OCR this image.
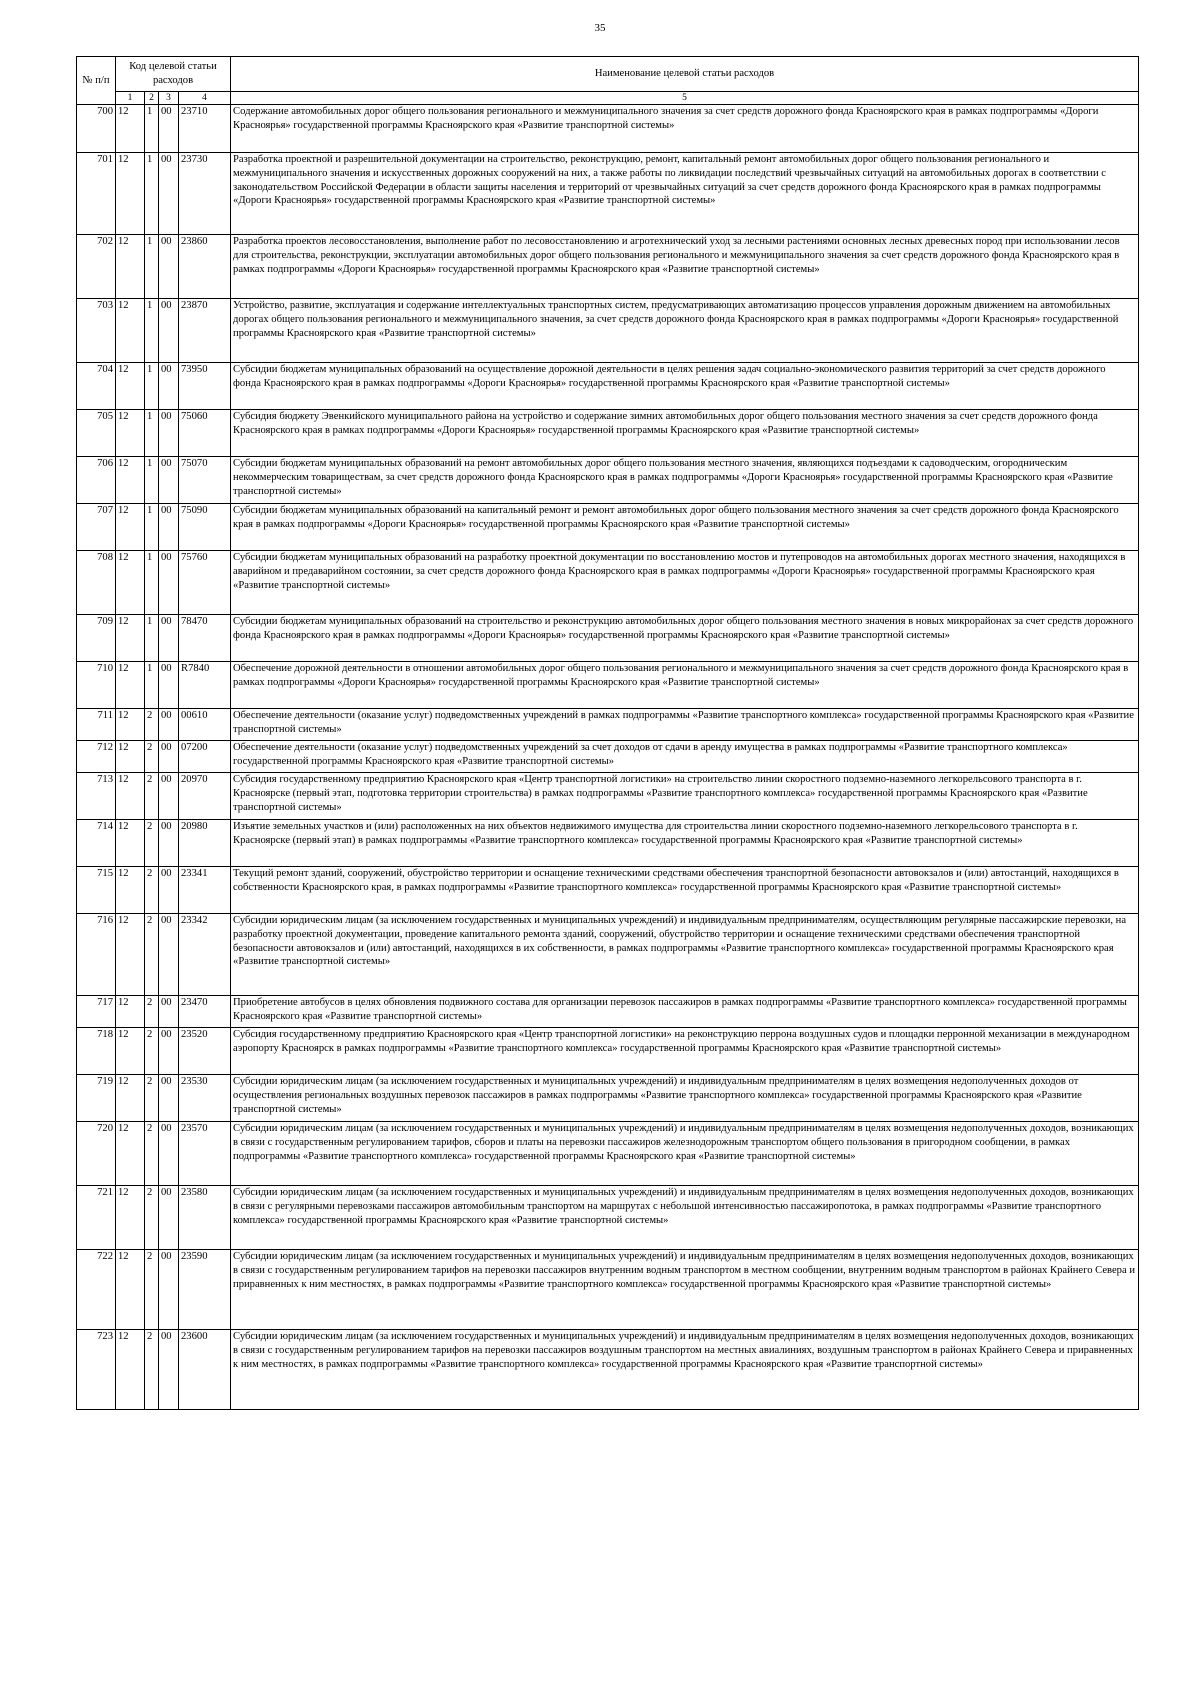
35
№ п/п	Код целевой статьи расходов				Наименование целевой статьи расходов
	1	2	3	4	5
700	12	1	00	23710	Содержание автомобильных дорог общего пользования регионального и межмуниципального значения за счет средств дорожного фонда Красноярского края в рамках подпрограммы «Дороги Красноярья» государственной программы Красноярского края «Развитие транспортной системы»
701	12	1	00	23730	Разработка проектной и разрешительной документации на строительство, реконструкцию, ремонт, капитальный ремонт автомобильных дорог общего пользования регионального и межмуниципального значения и искусственных дорожных сооружений на них, а также работы по ликвидации последствий чрезвычайных ситуаций на автомобильных дорогах в соответствии с законодательством Российской Федерации в области защиты населения и территорий от чрезвычайных ситуаций за счет средств дорожного фонда Красноярского края в рамках подпрограммы «Дороги Красноярья» государственной программы Красноярского края «Развитие транспортной системы»
702	12	1	00	23860	Разработка проектов лесовосстановления, выполнение работ по лесовосстановлению и агротехнический уход за лесными растениями основных лесных древесных пород при использовании лесов для строительства, реконструкции, эксплуатации автомобильных дорог общего пользования регионального и межмуниципального значения за счет средств дорожного фонда Красноярского края в рамках подпрограммы «Дороги Красноярья» государственной программы Красноярского края «Развитие транспортной системы»
703	12	1	00	23870	Устройство, развитие, эксплуатация и содержание интеллектуальных транспортных систем, предусматривающих автоматизацию процессов управления дорожным движением на автомобильных дорогах общего пользования регионального и межмуниципального значения, за счет средств дорожного фонда Красноярского края в рамках подпрограммы «Дороги Красноярья» государственной программы Красноярского края «Развитие транспортной системы»
704	12	1	00	73950	Субсидии бюджетам муниципальных образований на осуществление дорожной деятельности в целях решения задач социально-экономического развития территорий за счет средств дорожного фонда Красноярского края в рамках подпрограммы «Дороги Красноярья» государственной программы Красноярского края «Развитие транспортной системы»
705	12	1	00	75060	Субсидия бюджету Эвенкийского муниципального района на устройство и содержание зимних автомобильных дорог общего пользования местного значения за счет средств дорожного фонда Красноярского края в рамках подпрограммы «Дороги Красноярья» государственной программы Красноярского края «Развитие транспортной системы»
706	12	1	00	75070	Субсидии бюджетам муниципальных образований на ремонт автомобильных дорог общего пользования местного значения, являющихся подъездами к садоводческим, огородническим некоммерческим товариществам, за счет средств дорожного фонда Красноярского края в рамках подпрограммы «Дороги Красноярья» государственной программы Красноярского края «Развитие транспортной системы»
707	12	1	00	75090	Субсидии бюджетам муниципальных образований на капитальный ремонт и ремонт автомобильных дорог общего пользования местного значения за счет средств дорожного фонда Красноярского края в рамках подпрограммы «Дороги Красноярья» государственной программы Красноярского края «Развитие транспортной системы»
708	12	1	00	75760	Субсидии бюджетам муниципальных образований на разработку проектной документации по восстановлению мостов и путепроводов на автомобильных дорогах местного значения, находящихся в аварийном и предаварийном состоянии, за счет средств дорожного фонда Красноярского края в рамках подпрограммы «Дороги Красноярья» государственной программы Красноярского края «Развитие транспортной системы»
709	12	1	00	78470	Субсидии бюджетам муниципальных образований на строительство и реконструкцию автомобильных дорог общего пользования местного значения в новых микрорайонах за счет средств дорожного фонда Красноярского края в рамках подпрограммы «Дороги Красноярья» государственной программы Красноярского края «Развитие транспортной системы»
710	12	1	00	R7840	Обеспечение дорожной деятельности в отношении автомобильных дорог общего пользования регионального и межмуниципального значения за счет средств дорожного фонда Красноярского края в рамках подпрограммы «Дороги Красноярья» государственной программы Красноярского края «Развитие транспортной системы»
711	12	2	00	00610	Обеспечение деятельности (оказание услуг) подведомственных учреждений в рамках подпрограммы «Развитие транспортного комплекса» государственной программы Красноярского края «Развитие транспортной системы»
712	12	2	00	07200	Обеспечение деятельности (оказание услуг) подведомственных учреждений за счет доходов от сдачи в аренду имущества в рамках подпрограммы «Развитие транспортного комплекса» государственной программы Красноярского края «Развитие транспортной системы»
713	12	2	00	20970	Субсидия государственному предприятию Красноярского края «Центр транспортной логистики» на строительство линии скоростного подземно-наземного легкорельсового транспорта в г. Красноярске (первый этап, подготовка территории строительства) в рамках подпрограммы «Развитие транспортного комплекса» государственной программы Красноярского края «Развитие транспортной системы»
714	12	2	00	20980	Изъятие земельных участков и (или) расположенных на них объектов недвижимого имущества для строительства линии скоростного подземно-наземного легкорельсового транспорта в г. Красноярске (первый этап) в рамках подпрограммы «Развитие транспортного комплекса» государственной программы Красноярского края «Развитие транспортной системы»
715	12	2	00	23341	Текущий ремонт зданий, сооружений, обустройство территории и оснащение техническими средствами обеспечения транспортной безопасности автовокзалов и (или) автостанций, находящихся в собственности Красноярского края, в рамках подпрограммы «Развитие транспортного комплекса» государственной программы Красноярского края «Развитие транспортной системы»
716	12	2	00	23342	Субсидии юридическим лицам (за исключением государственных и муниципальных учреждений) и индивидуальным предпринимателям, осуществляющим регулярные пассажирские перевозки, на разработку проектной документации, проведение капитального ремонта зданий, сооружений, обустройство территории и оснащение техническими средствами обеспечения транспортной безопасности автовокзалов и (или) автостанций, находящихся в их собственности, в рамках подпрограммы «Развитие транспортного комплекса» государственной программы Красноярского края «Развитие транспортной системы»
717	12	2	00	23470	Приобретение автобусов в целях обновления подвижного состава для организации перевозок пассажиров в рамках подпрограммы «Развитие транспортного комплекса» государственной программы Красноярского края «Развитие транспортной системы»
718	12	2	00	23520	Субсидия государственному предприятию Красноярского края «Центр транспортной логистики» на реконструкцию перрона воздушных судов и площадки перронной механизации в международном аэропорту Красноярск в рамках подпрограммы «Развитие транспортного комплекса» государственной программы Красноярского края «Развитие транспортной системы»
719	12	2	00	23530	Субсидии юридическим лицам (за исключением государственных и муниципальных учреждений) и индивидуальным предпринимателям в целях возмещения недополученных доходов от осуществления региональных воздушных перевозок пассажиров в рамках подпрограммы «Развитие транспортного комплекса» государственной программы Красноярского края «Развитие транспортной системы»
720	12	2	00	23570	Субсидии юридическим лицам (за исключением государственных и муниципальных учреждений) и индивидуальным предпринимателям в целях возмещения недополученных доходов, возникающих в связи с государственным регулированием тарифов, сборов и платы на перевозки пассажиров железнодорожным транспортом общего пользования в пригородном сообщении, в рамках подпрограммы «Развитие транспортного комплекса» государственной программы Красноярского края «Развитие транспортной системы»
721	12	2	00	23580	Субсидии юридическим лицам (за исключением государственных и муниципальных учреждений) и индивидуальным предпринимателям в целях возмещения недополученных доходов, возникающих в связи с регулярными перевозками пассажиров автомобильным транспортом на маршрутах с небольшой интенсивностью пассажиропотока, в рамках подпрограммы «Развитие транспортного комплекса» государственной программы Красноярского края «Развитие транспортной системы»
722	12	2	00	23590	Субсидии юридическим лицам (за исключением государственных и муниципальных учреждений) и индивидуальным предпринимателям в целях возмещения недополученных доходов, возникающих в связи с государственным регулированием тарифов на перевозки пассажиров внутренним водным транспортом в местном сообщении, внутренним водным транспортом в районах Крайнего Севера и приравненных к ним местностях, в рамках подпрограммы «Развитие транспортного комплекса» государственной программы Красноярского края «Развитие транспортной системы»
723	12	2	00	23600	Субсидии юридическим лицам (за исключением государственных и муниципальных учреждений) и индивидуальным предпринимателям в целях возмещения недополученных доходов, возникающих в связи с государственным регулированием тарифов на перевозки пассажиров воздушным транспортом на местных авиалиниях, воздушным транспортом в районах Крайнего Севера и приравненных к ним местностях, в рамках подпрограммы «Развитие транспортного комплекса» государственной программы Красноярского края «Развитие транспортной системы»
